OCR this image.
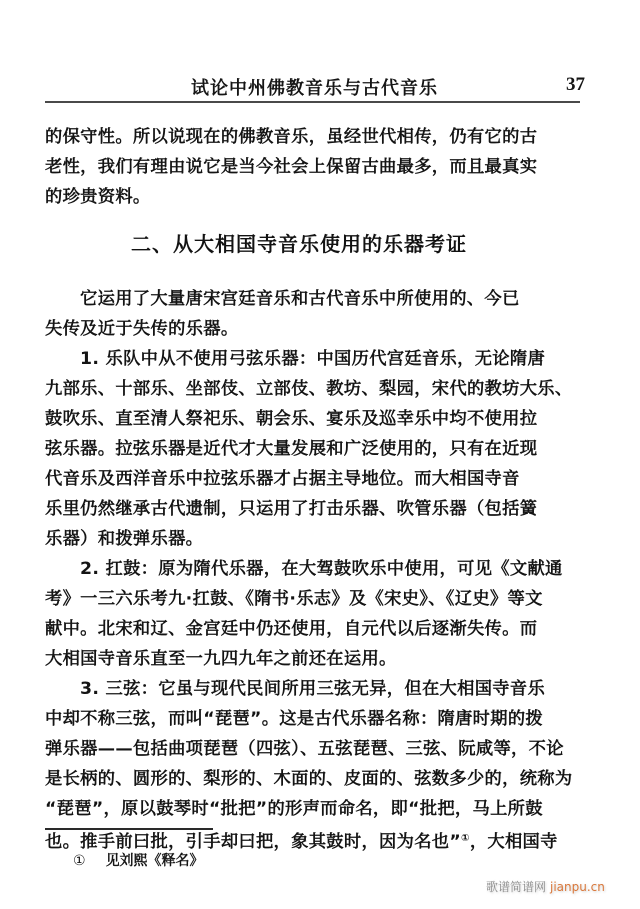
试论中州佛教音乐与古代音乐	37
的保守性。所以说现在的佛教音乐，虽经世代相传，仍有它的古
老性，我们有理由说它是当今社会上保留古曲最多，而且最真实
的珍贵资料。
二、从大相国寺音乐使用的乐器考证
它运用了大量唐宋宫廷音乐和古代音乐中所使用的、今已
失传及近于失传的乐器。
1. 乐队中从不使用弓弦乐器：中国历代宫廷音乐，无论隋唐
九部乐、十部乐、坐部伎、立部伎、教坊、梨园，宋代的教坊大乐、
鼓吹乐、直至清人祭祀乐、朝会乐、宴乐及巡幸乐中均不使用拉
弦乐器。拉弦乐器是近代才大量发展和广泛使用的，只有在近现
代音乐及西洋音乐中拉弦乐器才占据主导地位。而大相国寺音
乐里仍然继承古代遗制，只运用了打击乐器、吹管乐器（包括簧
乐器）和拨弹乐器。
2. 扛鼓：原为隋代乐器，在大驾鼓吹乐中使用，可见《文献通
考》一三六乐考九·扛鼓、《隋书·乐志》及《宋史》、《辽史》等文
献中。北宋和辽、金宫廷中仍还使用，自元代以后逐渐失传。而
大相国寺音乐直至一九四九年之前还在运用。
3. 三弦：它虽与现代民间所用三弦无异，但在大相国寺音乐
中却不称三弦，而叫“琵琶”。这是古代乐器名称：隋唐时期的拨
弹乐器——包括曲项琵琶（四弦）、五弦琵琶、三弦、阮咸等，不论
是长柄的、圆形的、梨形的、木面的、皮面的、弦数多少的，统称为
“琵琶”，原以鼓琴时“批把”的形声而命名，即“批把，马上所鼓
也。推手前曰批，引手却曰把，象其鼓时，因为名也”①，大相国寺
① 见刘熙《释名》
歌谱简谱网 jianpu.cn
